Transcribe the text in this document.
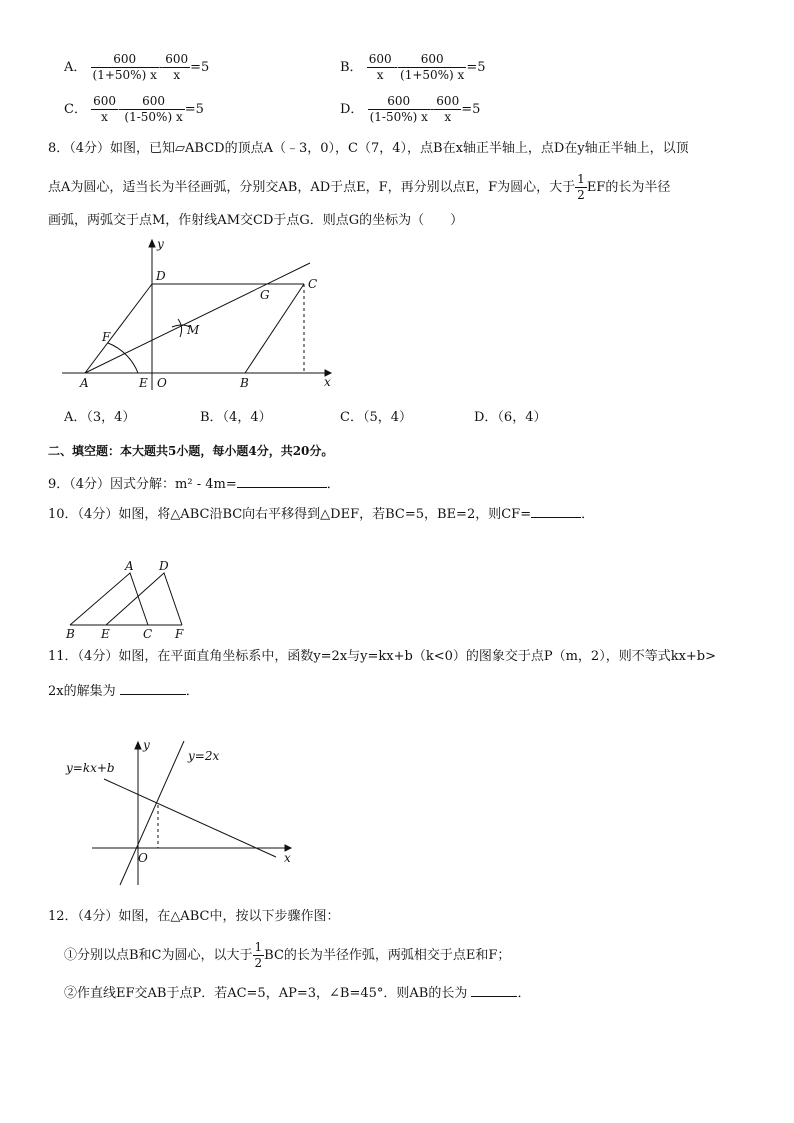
A． $\frac{600}{(1+50\%) x} - \frac{600}{x} =5$	B． $\frac{600}{x} - \frac{600}{(1+50\%) x} =5$
C． $\frac{600}{x} - \frac{600}{(1-50\%) x} =5$	D． $\frac{600}{(1-50\%) x} - \frac{600}{x} =5$
8．（4分）如图，已知▱ABCD的顶点A（﹣3，0），C（7，4），点B在x轴正半轴上，点D在y轴正半轴上，以顶
点A为圆心，适当长为半径画弧，分别交AB，AD于点E，F，再分别以点E，F为圆心，大于 $\frac{1}{2}$ EF的长为半径
画弧，两弧交于点M，作射线AM交CD于点G．则点G的坐标为（　　）
y
x
D
C
G
M
F
A	E O	B
A．（3，4）	B．（4，4）	C．（5，4）	D．（6，4）
二、填空题：本大题共5小题，每小题4分，共20分。
9．（4分）因式分解：m² - 4m=	．
10．（4分）如图，将△ABC沿BC向右平移得到△DEF，若BC=5，BE=2，则CF=	．
A D
B E	C F
11．（4分）如图，在平面直角坐标系中，函数y=2x与y=kx+b（k<0）的图象交于点P（m，2），则不等式kx+b>
2x的解集为	．
y=kx+b
y=2x
y
x
O
12．（4分）如图，在△ABC中，按以下步骤作图：
①分别以点B和C为圆心，以大于 $\frac{1}{2}$ BC的长为半径作弧，两弧相交于点E和F；
②作直线EF交AB于点P．若AC=5，AP=3，∠B=45°．则AB的长为	．
